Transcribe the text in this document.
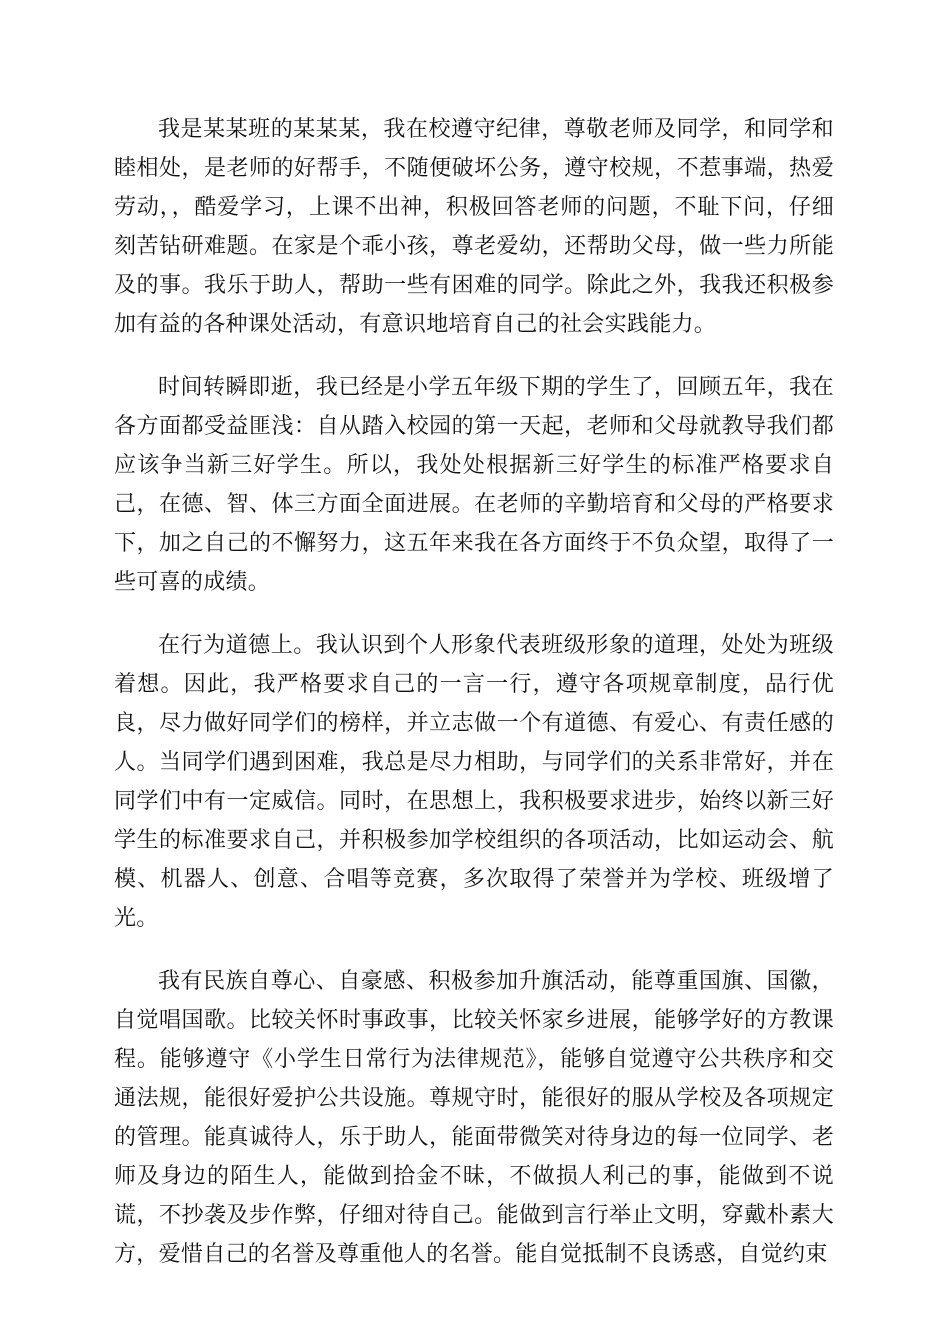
我是某某班的某某某，我在校遵守纪律，尊敬老师及同学，和同学和睦相处，是老师的好帮手，不随便破坏公务，遵守校规，不惹事端，热爱劳动，，酷爱学习，上课不出神，积极回答老师的问题，不耻下问，仔细刻苦钻研难题。在家是个乖小孩，尊老爱幼，还帮助父母，做一些力所能及的事。我乐于助人，帮助一些有困难的同学。除此之外，我我还积极参加有益的各种课处活动，有意识地培育自己的社会实践能力。

时间转瞬即逝，我已经是小学五年级下期的学生了，回顾五年，我在各方面都受益匪浅：自从踏入校园的第一天起，老师和父母就教导我们都应该争当新三好学生。所以，我处处根据新三好学生的标准严格要求自己，在德、智、体三方面全面进展。在老师的辛勤培育和父母的严格要求下，加之自己的不懈努力，这五年来我在各方面终于不负众望，取得了一些可喜的成绩。

在行为道德上。我认识到个人形象代表班级形象的道理，处处为班级着想。因此，我严格要求自己的一言一行，遵守各项规章制度，品行优良，尽力做好同学们的榜样，并立志做一个有道德、有爱心、有责任感的人。当同学们遇到困难，我总是尽力相助，与同学们的关系非常好，并在同学们中有一定威信。同时，在思想上，我积极要求进步，始终以新三好学生的标准要求自己，并积极参加学校组织的各项活动，比如运动会、航模、机器人、创意、合唱等竞赛，多次取得了荣誉并为学校、班级增了光。

我有民族自尊心、自豪感、积极参加升旗活动，能尊重国旗、国徽，自觉唱国歌。比较关怀时事政事，比较关怀家乡进展，能够学好的方教课程。能够遵守《小学生日常行为法律规范》，能够自觉遵守公共秩序和交通法规，能很好爱护公共设施。尊规守时，能很好的服从学校及各项规定的管理。能真诚待人，乐于助人，能面带微笑对待身边的每一位同学、老师及身边的陌生人，能做到拾金不昧，不做损人利己的事，能做到不说谎，不抄袭及步作弊，仔细对待自己。能做到言行举止文明，穿戴朴素大方，爱惜自己的名誉及尊重他人的名誉。能自觉抵制不良诱惑，自觉约束
